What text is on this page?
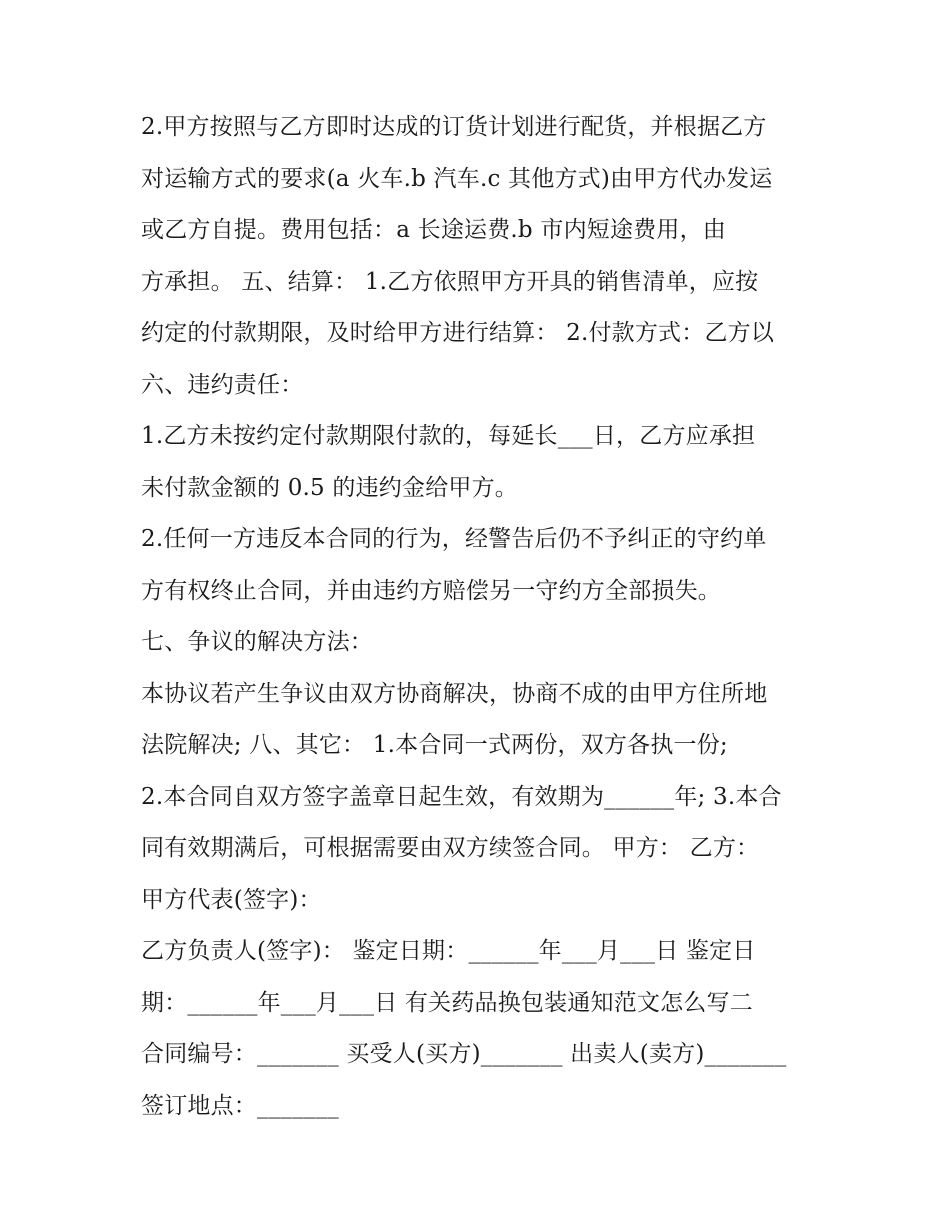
2.甲方按照与乙方即时达成的订货计划进行配货，并根据乙方
对运输方式的要求(a 火车.b 汽车.c 其他方式)由甲方代办发运
或乙方自提。费用包括：a 长途运费.b 市内短途费用，由
方承担。 五、结算： 1.乙方依照甲方开具的销售清单，应按
约定的付款期限，及时给甲方进行结算： 2.付款方式：乙方以
六、违约责任：
1.乙方未按约定付款期限付款的，每延长___日，乙方应承担
未付款金额的 0.5 的违约金给甲方。
2.任何一方违反本合同的行为，经警告后仍不予纠正的守约单
方有权终止合同，并由违约方赔偿另一守约方全部损失。
七、争议的解决方法：
本协议若产生争议由双方协商解决，协商不成的由甲方住所地
法院解决; 八、其它： 1.本合同一式两份，双方各执一份;
2.本合同自双方签字盖章日起生效，有效期为______年; 3.本合
同有效期满后，可根据需要由双方续签合同。 甲方： 乙方：
甲方代表(签字)：
乙方负责人(签字)： 鉴定日期：______年___月___日 鉴定日
期：______年___月___日 有关药品换包装通知范文怎么写二
合同编号：_______ 买受人(买方)_______ 出卖人(卖方)_______
签订地点：_______
